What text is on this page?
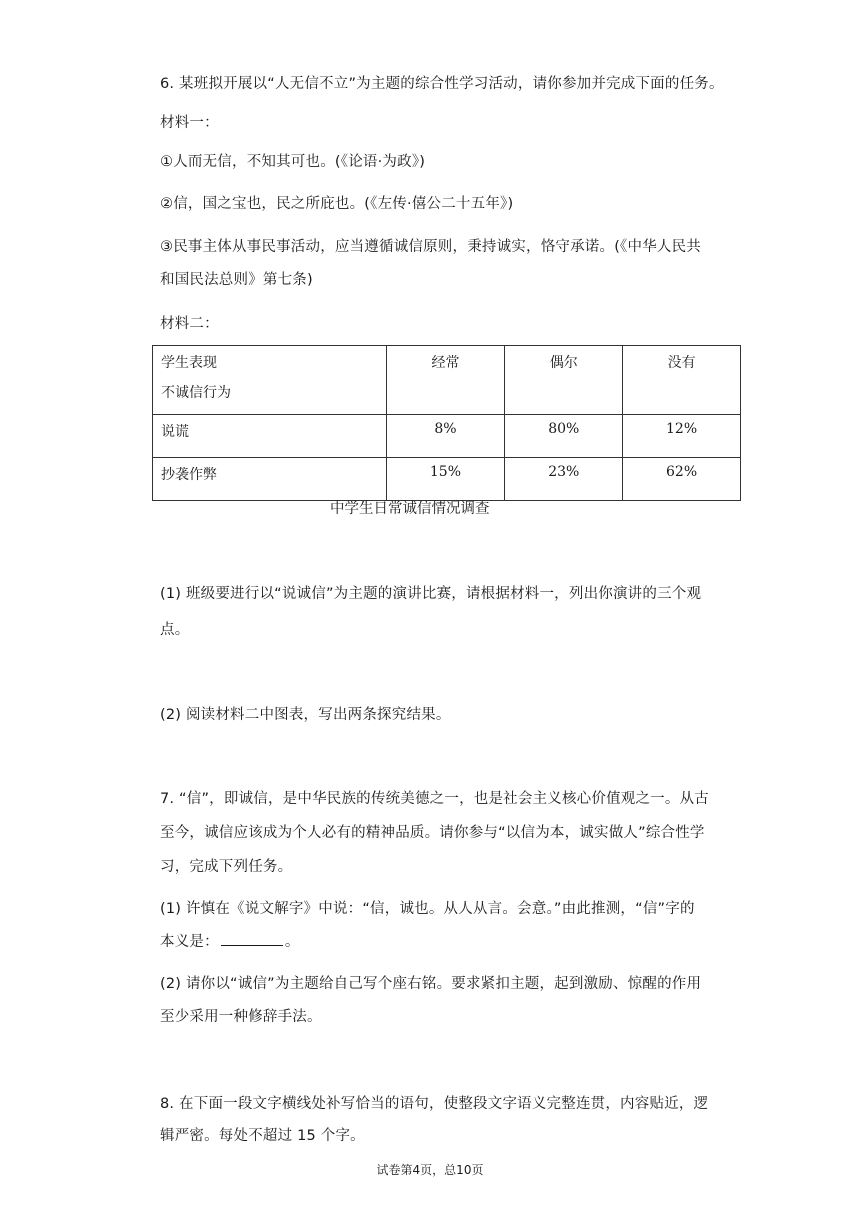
6. 某班拟开展以“人无信不立”为主题的综合性学习活动，请你参加并完成下面的任务。
材料一：
①人而无信，不知其可也。(《论语·为政》)
②信，国之宝也，民之所庇也。(《左传·僖公二十五年》)
③民事主体从事民事活动，应当遵循诚信原则，秉持诚实，恪守承诺。(《中华人民共
和国民法总则》第七条)
材料二：
学生表现
不诚信行为	经常	偶尔	没有
说谎	8%	80%	12%
抄袭作弊	15%	23%	62%
中学生日常诚信情况调查
(1) 班级要进行以“说诚信”为主题的演讲比赛，请根据材料一，列出你演讲的三个观
点。
(2) 阅读材料二中图表，写出两条探究结果。
7. “信”，即诚信，是中华民族的传统美德之一，也是社会主义核心价值观之一。从古
至今，诚信应该成为个人必有的精神品质。请你参与“以信为本，诚实做人”综合性学
习，完成下列任务。
(1) 许慎在《说文解字》中说：“信，诚也。从人从言。会意。”由此推测，“信”字的
本义是：	。
(2) 请你以“诚信”为主题给自己写个座右铭。要求紧扣主题，起到激励、惊醒的作用
至少采用一种修辞手法。
8. 在下面一段文字横线处补写恰当的语句，使整段文字语义完整连贯，内容贴近，逻
辑严密。每处不超过 15 个字。
试卷第4页，总10页
